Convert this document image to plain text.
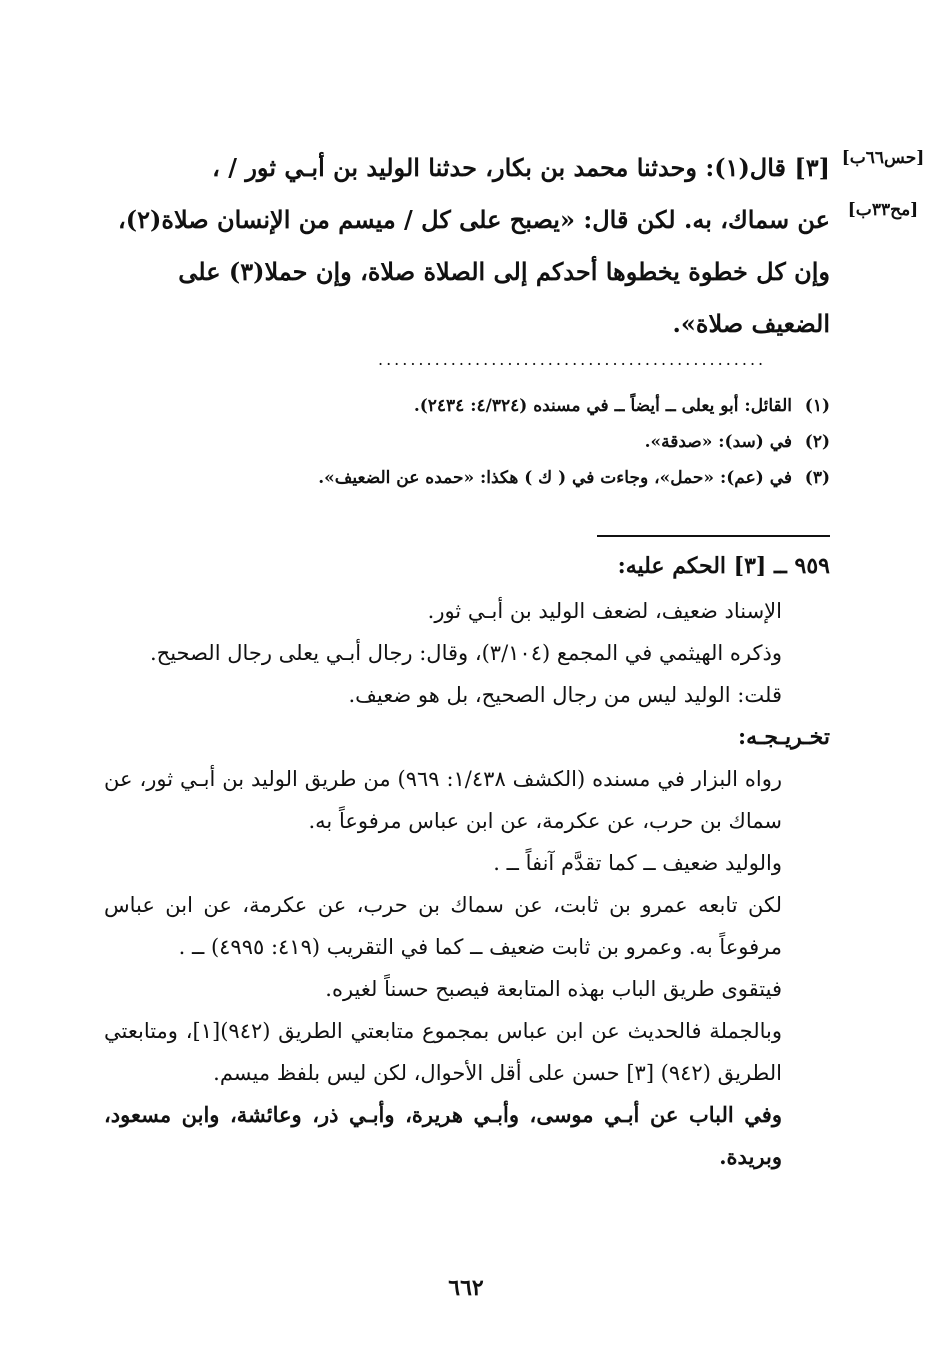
[حس٦٦ب]
[مح٣٣ب]

[٣] قال(١): وحدثنا محمد بن بكار، حدثنا الوليد بن أبـي ثور / ،

عن سماك، به. لكن قال: «يصبح على كل / ميسم من الإنسان صلاة(٢)،

وإن كل خطوة يخطوها أحدكم إلى الصلاة صلاة، وإن حملا(٣) على

الضعيف صلاة».

................................................

(١)القائل: أبو يعلى ــ أيضاً ــ في مسنده (٤/٣٢٤: ٢٤٣٤).

(٢)في (سد): «صدقة».

(٣)في (عم): «حمل»، وجاءت في ( ك ) هكذا: «حمده عن الضعيف».

٩٥٩ ــ [٣] الحكم عليه:

الإسناد ضعيف، لضعف الوليد بن أبـي ثور.

وذكره الهيثمي في المجمع (٣/١٠٤)، وقال: رجال أبـي يعلى رجال الصحيح.

قلت: الوليد ليس من رجال الصحيح، بل هو ضعيف.

تخـريـجـه:

رواه البزار في مسنده (الكشف ١/٤٣٨: ٩٦٩) من طريق الوليد بن أبـي ثور، عن سماك بن حرب، عن عكرمة، عن ابن عباس مرفوعاً به.

والوليد ضعيف ــ كما تقدَّم آنفاً ــ .

لكن تابعه عمرو بن ثابت، عن سماك بن حرب، عن عكرمة، عن ابن عباس مرفوعاً به. وعمرو بن ثابت ضعيف ــ كما في التقريب (٤١٩: ٤٩٩٥) ــ .

فيتقوى طريق الباب بهذه المتابعة فيصبح حسناً لغيره.

وبالجملة فالحديث عن ابن عباس بمجموع متابعتي الطريق (٩٤٢)[١]، ومتابعتي الطريق (٩٤٢) [٣] حسن على أقل الأحوال، لكن ليس بلفظ ميسم.

وفي الباب عن أبـي موسى، وأبـي هريرة، وأبـي ذر، وعائشة، وابن مسعود، وبريدة.

٦٦٢
